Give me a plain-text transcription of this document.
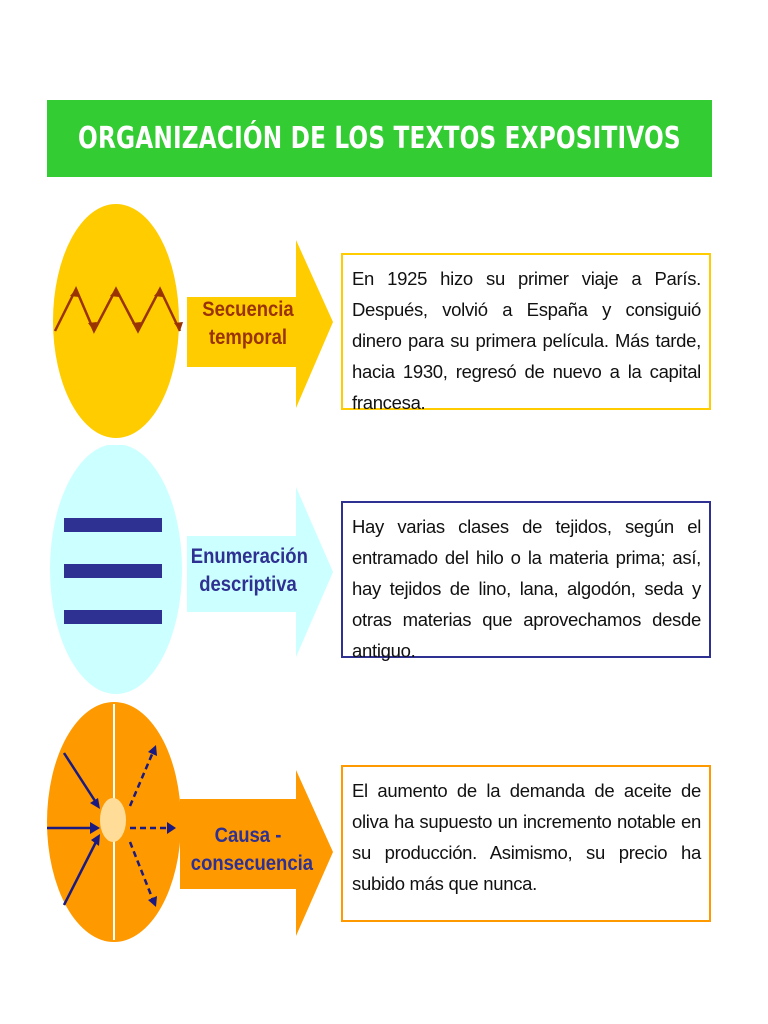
ORGANIZACIÓN DE LOS TEXTOS EXPOSITIVOS
Secuencia
temporal
En 1925 hizo su primer viaje a París. Después, volvió a España y consiguió dinero para su primera película. Más tarde, hacia 1930, regresó de nuevo a la capital francesa.
Enumeración
descriptiva
Hay varias clases de tejidos, según el entramado del hilo o la materia prima; así, hay tejidos de lino, lana, algodón, seda y otras materias que aprovechamos desde antiguo.
Causa -
consecuencia
El aumento de la demanda de aceite de oliva ha supuesto un incremento notable en su producción. Asimismo, su precio ha subido más que nunca.
